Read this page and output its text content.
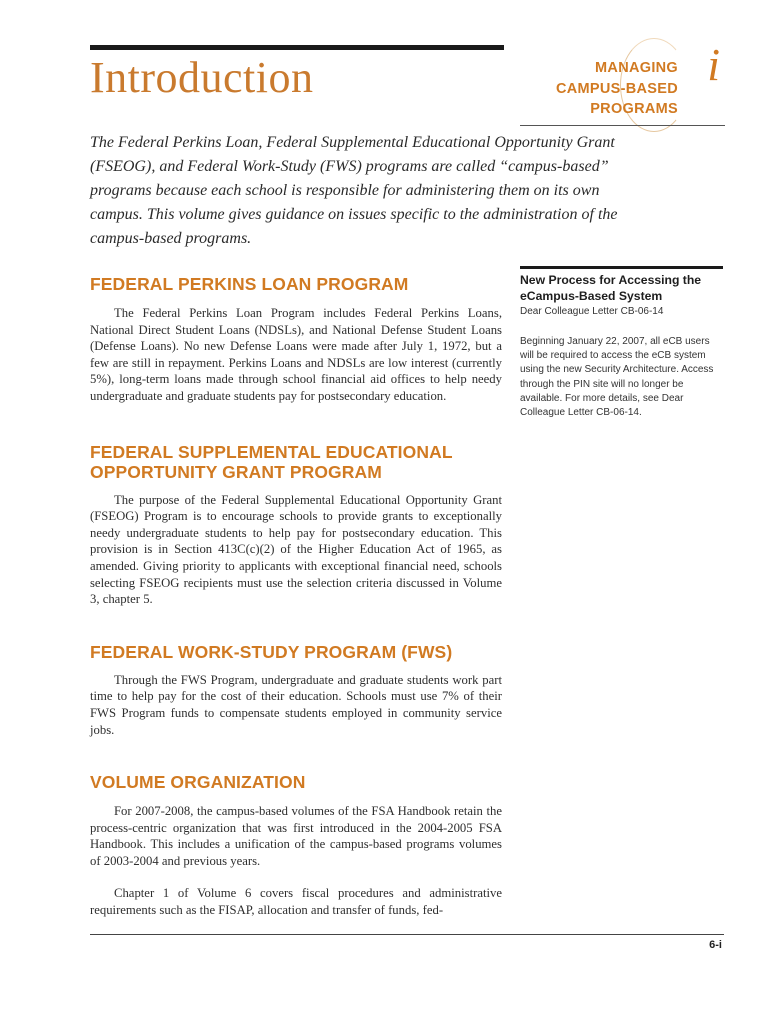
Introduction	MANAGING
CAMPUS-BASED
PROGRAMS
i

The Federal Perkins Loan, Federal Supplemental Educational Opportunity Grant (FSEOG), and Federal Work-Study (FWS) programs are called “campus-based” programs because each school is responsible for administering them on its own campus. This volume gives guidance on issues specific to the administration of the campus-based programs.

FEDERAL PERKINS LOAN PROGRAM

The Federal Perkins Loan Program includes Federal Perkins Loans, National Direct Student Loans (NDSLs), and National Defense Student Loans (Defense Loans). No new Defense Loans were made after July 1, 1972, but a few are still in repayment. Perkins Loans and NDSLs are low interest (currently 5%), long-term loans made through school financial aid offices to help needy undergraduate and graduate students pay for postsecondary education.

FEDERAL SUPPLEMENTAL EDUCATIONAL OPPORTUNITY GRANT PROGRAM

The purpose of the Federal Supplemental Educational Opportunity Grant (FSEOG) Program is to encourage schools to provide grants to exceptionally needy undergraduate students to help pay for postsecondary education. This provision is in Section 413C(c)(2) of the Higher Education Act of 1965, as amended. Giving priority to applicants with exceptional financial need, schools selecting FSEOG recipients must use the selection criteria discussed in Volume 3, chapter 5.

FEDERAL WORK-STUDY PROGRAM (FWS)

Through the FWS Program, undergraduate and graduate students work part time to help pay for the cost of their education. Schools must use 7% of their FWS Program funds to compensate students employed in community service jobs.

VOLUME ORGANIZATION

For 2007-2008, the campus-based volumes of the FSA Handbook retain the process-centric organization that was first introduced in the 2004-2005 FSA Handbook. This includes a unification of the campus-based programs volumes of 2003-2004 and previous years.

Chapter 1 of Volume 6 covers fiscal procedures and administrative requirements such as the FISAP, allocation and transfer of funds, fed-

New Process for Accessing the eCampus-Based System
Dear Colleague Letter CB-06-14
Beginning January 22, 2007, all eCB users will be required to access the eCB system using the new Security Architecture. Access through the PIN site will no longer be available. For more details, see Dear Colleague Letter CB-06-14.
6-i
